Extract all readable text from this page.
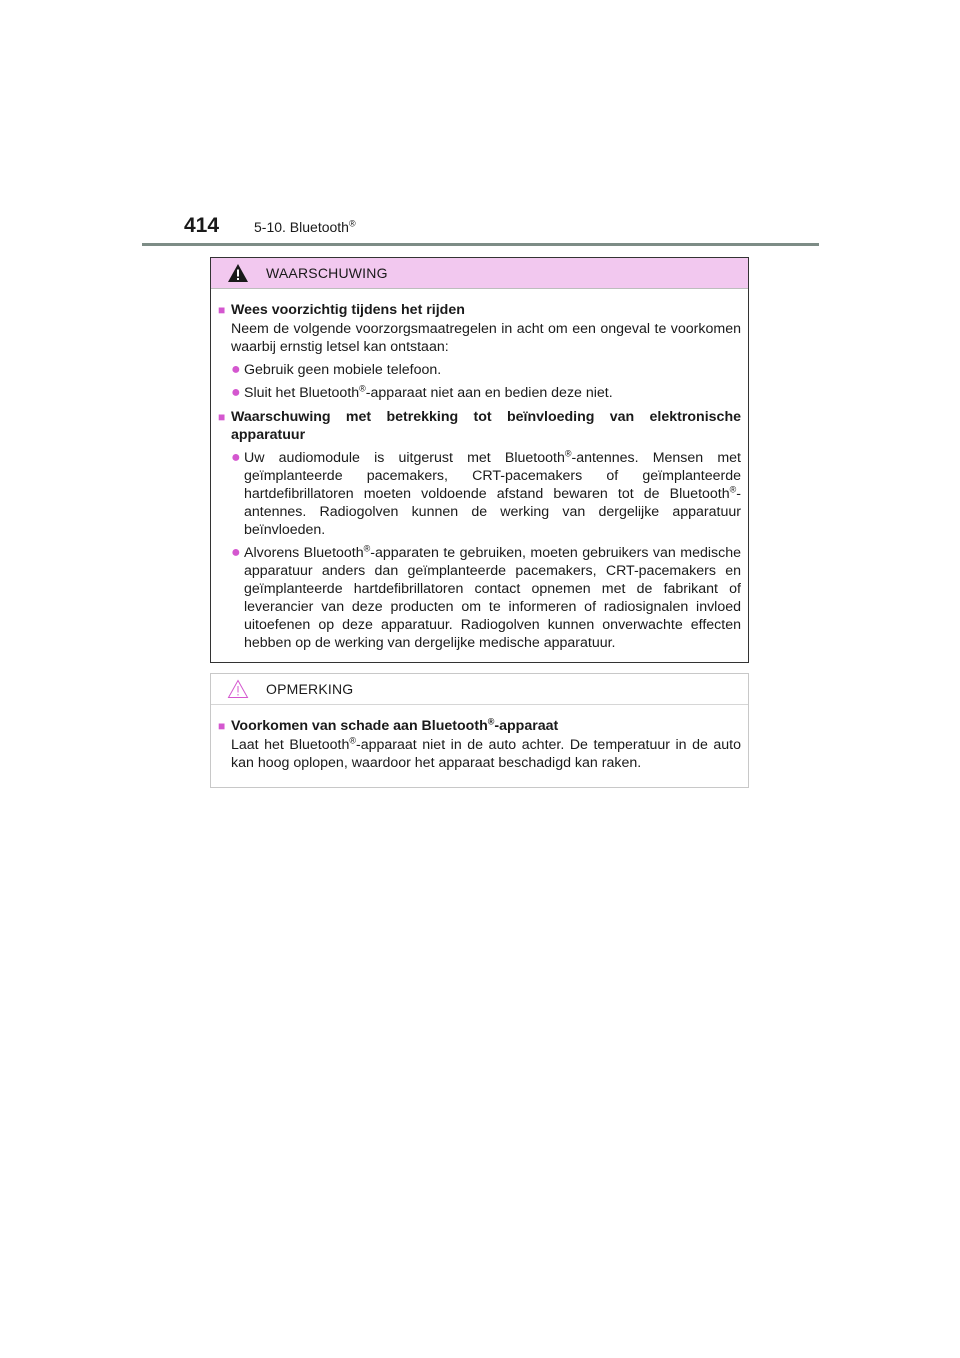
414	5-10. Bluetooth®
WAARSCHUWING
■ Wees voorzichtig tijdens het rijden
Neem de volgende voorzorgsmaatregelen in acht om een ongeval te voorkomen waarbij ernstig letsel kan ontstaan:
● Gebruik geen mobiele telefoon.
● Sluit het Bluetooth®-apparaat niet aan en bedien deze niet.
■ Waarschuwing met betrekking tot beïnvloeding van elektronische apparatuur
● Uw audiomodule is uitgerust met Bluetooth®-antennes. Mensen met geïmplanteerde pacemakers, CRT-pacemakers of geïmplanteerde hartdefibrillatoren moeten voldoende afstand bewaren tot de Bluetooth®-antennes. Radiogolven kunnen de werking van dergelijke apparatuur beïnvloeden.
● Alvorens Bluetooth®-apparaten te gebruiken, moeten gebruikers van medische apparatuur anders dan geïmplanteerde pacemakers, CRT-pacemakers en geïmplanteerde hartdefibrillatoren contact opnemen met de fabrikant of leverancier van deze producten om te informeren of radiosignalen invloed uitoefenen op deze apparatuur. Radiogolven kunnen onverwachte effecten hebben op de werking van dergelijke medische apparatuur.
OPMERKING
■ Voorkomen van schade aan Bluetooth®-apparaat
Laat het Bluetooth®-apparaat niet in de auto achter. De temperatuur in de auto kan hoog oplopen, waardoor het apparaat beschadigd kan raken.
